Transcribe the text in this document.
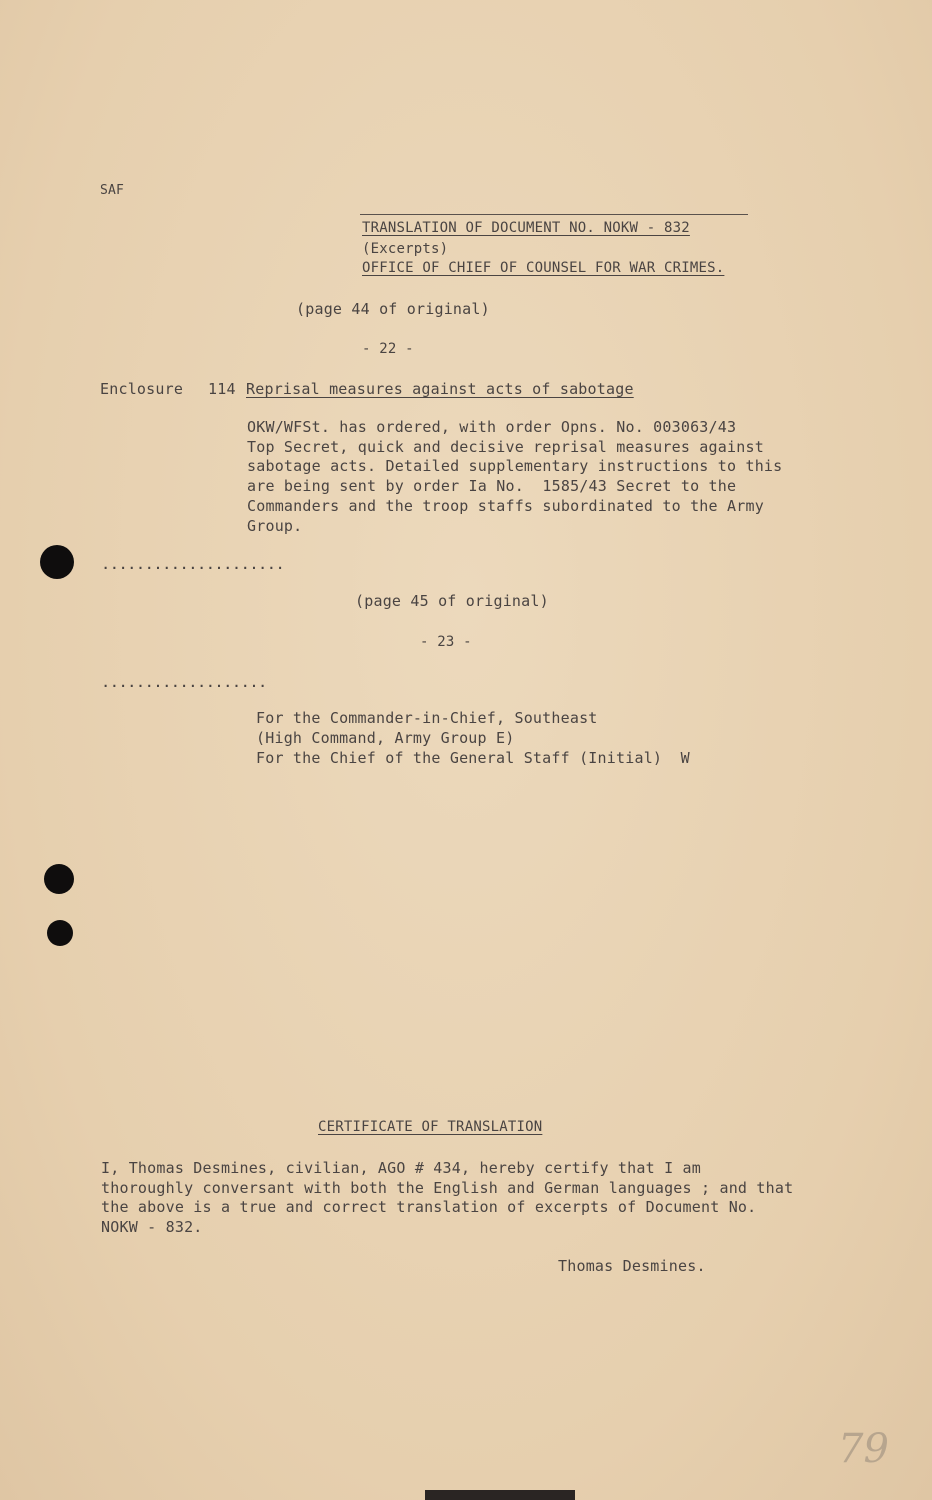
SAF
TRANSLATION OF DOCUMENT NO. NOKW - 832
(Excerpts)
OFFICE OF CHIEF OF COUNSEL FOR WAR CRIMES.
(page 44 of original)
- 22 -
Enclosure 114 Reprisal measures against acts of sabotage
OKW/WFSt. has ordered, with order Opns. No. 003063/43
Top Secret, quick and decisive reprisal measures against
sabotage acts. Detailed supplementary instructions to this
are being sent by order Ia No.  1585/43 Secret to the
Commanders and the troop staffs subordinated to the Army
Group.
.....................
(page 45 of original)
- 23 -
...................
For the Commander-in-Chief, Southeast
(High Command, Army Group E)
For the Chief of the General Staff (Initial)  W
CERTIFICATE OF TRANSLATION
I, Thomas Desmines, civilian, AGO # 434, hereby certify that I am
thoroughly conversant with both the English and German languages ; and that
the above is a true and correct translation of excerpts of Document No.
NOKW - 832.
Thomas Desmines.
79
